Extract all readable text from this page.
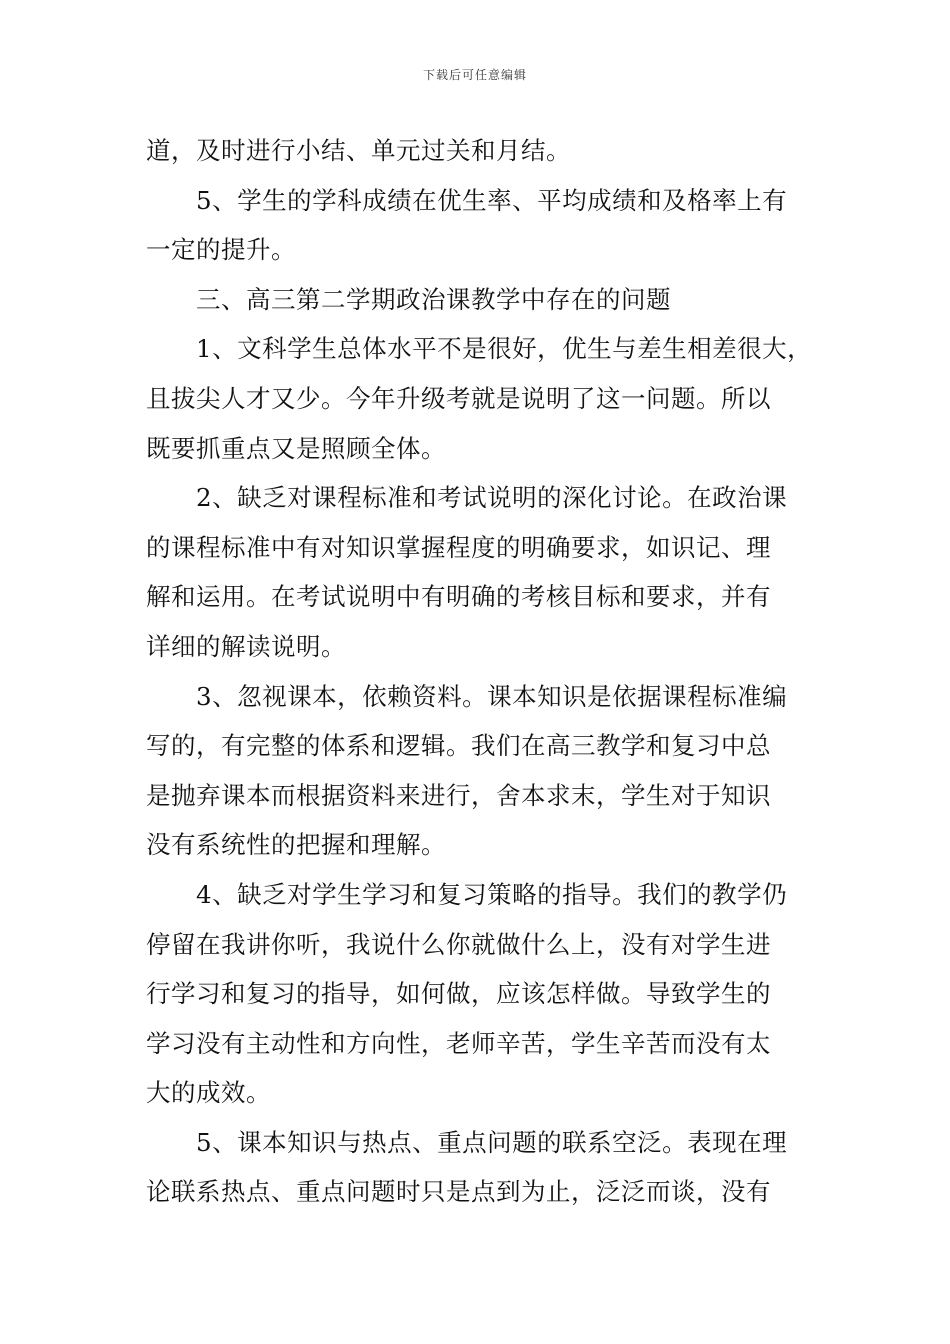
下载后可任意编辑
道，及时进行小结、单元过关和月结。
5、学生的学科成绩在优生率、平均成绩和及格率上有
一定的提升。
三、高三第二学期政治课教学中存在的问题
1、文科学生总体水平不是很好，优生与差生相差很大，
且拔尖人才又少。今年升级考就是说明了这一问题。所以
既要抓重点又是照顾全体。
2、缺乏对课程标准和考试说明的深化讨论。在政治课
的课程标准中有对知识掌握程度的明确要求，如识记、理
解和运用。在考试说明中有明确的考核目标和要求，并有
详细的解读说明。
3、忽视课本，依赖资料。课本知识是依据课程标准编
写的，有完整的体系和逻辑。我们在高三教学和复习中总
是抛弃课本而根据资料来进行，舍本求末，学生对于知识
没有系统性的把握和理解。
4、缺乏对学生学习和复习策略的指导。我们的教学仍
停留在我讲你听，我说什么你就做什么上，没有对学生进
行学习和复习的指导，如何做，应该怎样做。导致学生的
学习没有主动性和方向性，老师辛苦，学生辛苦而没有太
大的成效。
5、课本知识与热点、重点问题的联系空泛。表现在理
论联系热点、重点问题时只是点到为止，泛泛而谈，没有
